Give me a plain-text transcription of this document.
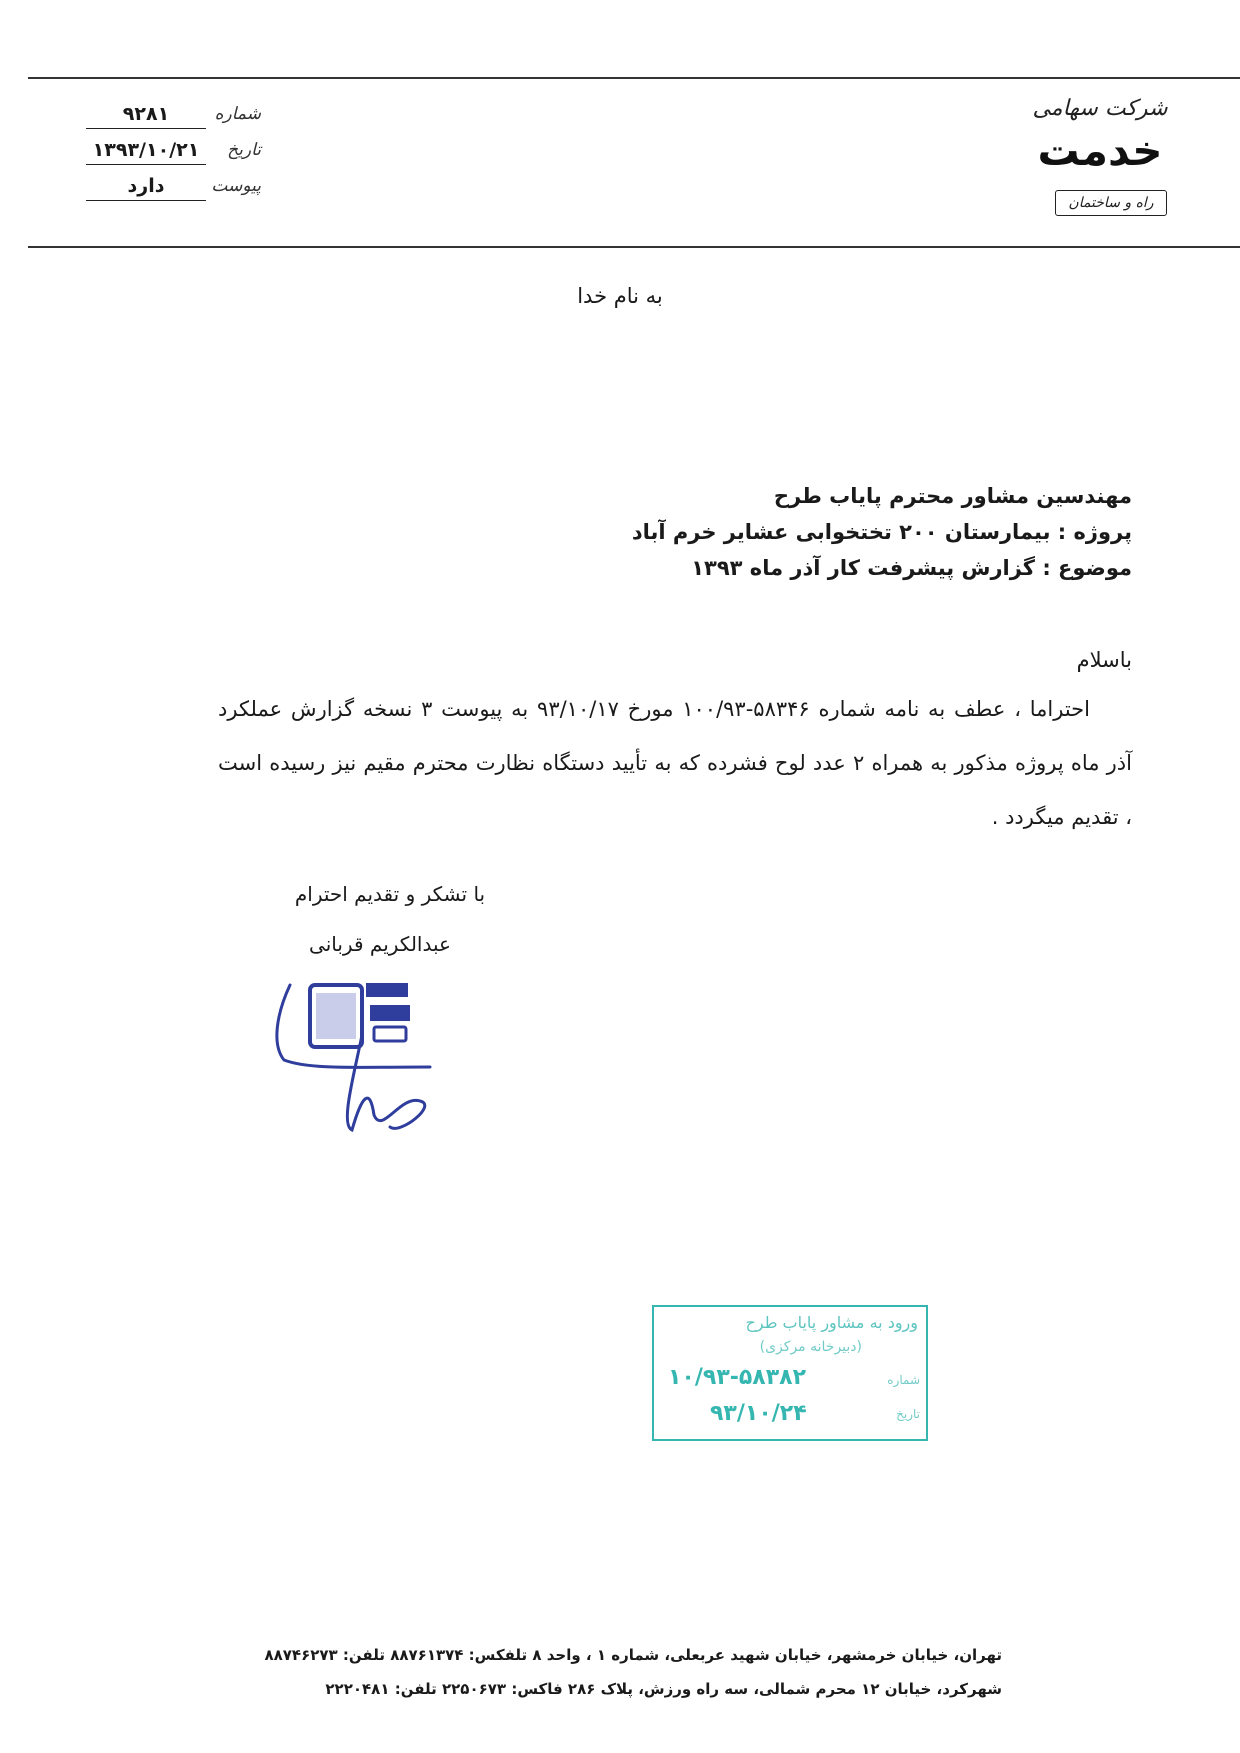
۹۲۸۱	شماره
۱۳۹۳/۱۰/۲۱	تاریخ
دارد	پیوست
شرکت سهامی
خدمت
راه و ساختمان
به نام خدا
مهندسین مشاور محترم پایاب طرح
پروژه : بیمارستان ۲۰۰ تختخوابی عشایر خرم آباد
موضوع : گزارش پیشرفت کار آذر ماه ۱۳۹۳
باسلام
احتراما ، عطف به نامه شماره ۵۸۳۴۶-۱۰۰/۹۳ مورخ ۹۳/۱۰/۱۷ به پیوست ۳ نسخه گزارش عملکرد آذر ماه پروژه مذکور به همراه ۲ عدد لوح فشرده که به تأیید دستگاه نظارت محترم مقیم نیز رسیده است ، تقدیم میگردد .
با تشکر و تقدیم احترام
عبدالکریم قربانی
ورود به مشاور پایاب طرح
(دبیرخانه مرکزی)
شماره
۱۰/۹۳-۵۸۳۸۲
تاریخ
۹۳/۱۰/۲۴
تهران، خیابان خرمشهر، خیابان شهید عربعلی، شماره ۱ ، واحد ۸ تلفکس: ۸۸۷۶۱۳۷۴ تلفن: ۸۸۷۴۶۲۷۳
شهرکرد، خیابان ۱۲ محرم شمالی، سه راه ورزش، پلاک ۲۸۶ فاکس: ۲۲۵۰۶۷۳ تلفن: ۲۲۲۰۴۸۱
